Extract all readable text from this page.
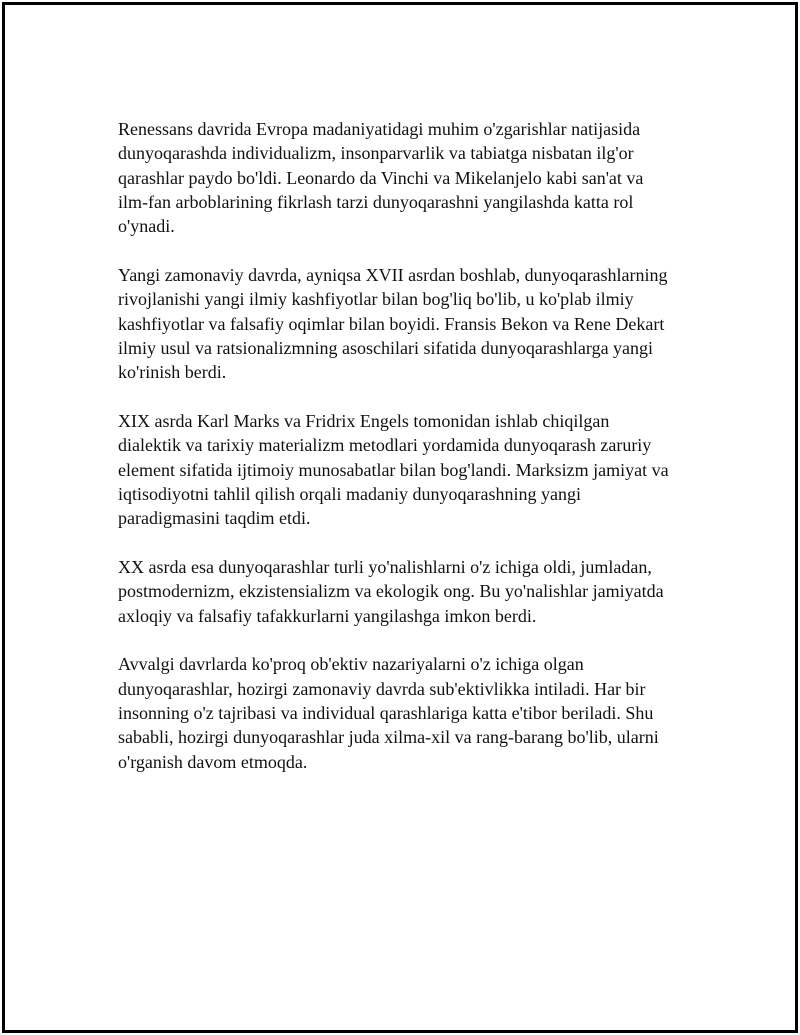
Renessans davrida Evropa madaniyatidagi muhim o'zgarishlar natijasida
dunyoqarashda individualizm, insonparvarlik va tabiatga nisbatan ilg'or
qarashlar paydo bo'ldi. Leonardo da Vinchi va Mikelanjelo kabi san'at va
ilm-fan arboblarining fikrlash tarzi dunyoqarashni yangilashda katta rol
o'ynadi.
Yangi zamonaviy davrda, ayniqsa XVII asrdan boshlab, dunyoqarashlarning
rivojlanishi yangi ilmiy kashfiyotlar bilan bog'liq bo'lib, u ko'plab ilmiy
kashfiyotlar va falsafiy oqimlar bilan boyidi. Fransis Bekon va Rene Dekart
ilmiy usul va ratsionalizmning asoschilari sifatida dunyoqarashlarga yangi
ko'rinish berdi.
XIX asrda Karl Marks va Fridrix Engels tomonidan ishlab chiqilgan
dialektik va tarixiy materializm metodlari yordamida dunyoqarash zaruriy
element sifatida ijtimoiy munosabatlar bilan bog'landi. Marksizm jamiyat va
iqtisodiyotni tahlil qilish orqali madaniy dunyoqarashning yangi
paradigmasini taqdim etdi.
XX asrda esa dunyoqarashlar turli yo'nalishlarni o'z ichiga oldi, jumladan,
postmodernizm, ekzistensializm va ekologik ong. Bu yo'nalishlar jamiyatda
axloqiy va falsafiy tafakkurlarni yangilashga imkon berdi.
Avvalgi davrlarda ko'proq ob'ektiv nazariyalarni o'z ichiga olgan
dunyoqarashlar, hozirgi zamonaviy davrda sub'ektivlikka intiladi. Har bir
insonning o'z tajribasi va individual qarashlariga katta e'tibor beriladi. Shu
sababli, hozirgi dunyoqarashlar juda xilma-xil va rang-barang bo'lib, ularni
o'rganish davom etmoqda.
